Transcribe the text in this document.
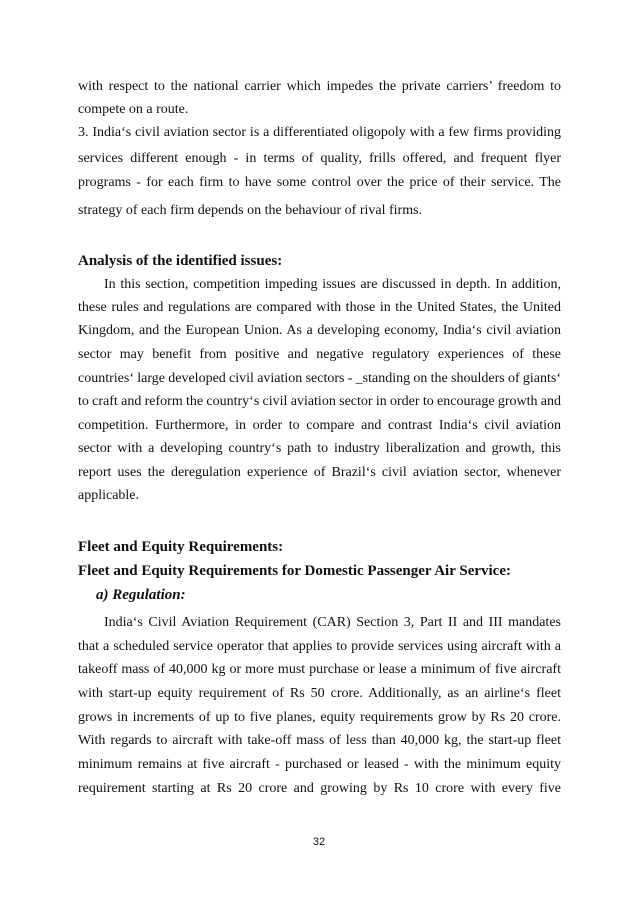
with respect to the national carrier which impedes the private carriers’ freedom to
compete on a route.
3. India‘s civil aviation sector is a differentiated oligopoly with a few firms providing
services different enough - in terms of quality, frills offered, and frequent flyer
programs - for each firm to have some control over the price of their service. The
strategy of each firm depends on the behaviour of rival firms.
Analysis of the identified issues:
In this section, competition impeding issues are discussed in depth. In addition,
these rules and regulations are compared with those in the United States, the United
Kingdom, and the European Union. As a developing economy, India‘s civil aviation
sector may benefit from positive and negative regulatory experiences of these
countries‘ large developed civil aviation sectors - _standing on the shoulders of giants‘
to craft and reform the country‘s civil aviation sector in order to encourage growth and
competition. Furthermore, in order to compare and contrast India‘s civil aviation
sector with a developing country‘s path to industry liberalization and growth, this
report uses the deregulation experience of Brazil‘s civil aviation sector, whenever
applicable.
Fleet and Equity Requirements:
Fleet and Equity Requirements for Domestic Passenger Air Service:
a) Regulation:
India‘s Civil Aviation Requirement (CAR) Section 3, Part II and III mandates
that a scheduled service operator that applies to provide services using aircraft with a
takeoff mass of 40,000 kg or more must purchase or lease a minimum of five aircraft
with start-up equity requirement of Rs 50 crore. Additionally, as an airline‘s fleet
grows in increments of up to five planes, equity requirements grow by Rs 20 crore.
With regards to aircraft with take-off mass of less than 40,000 kg, the start-up fleet
minimum remains at five aircraft - purchased or leased - with the minimum equity
requirement starting at Rs 20 crore and growing by Rs 10 crore with every five
32
